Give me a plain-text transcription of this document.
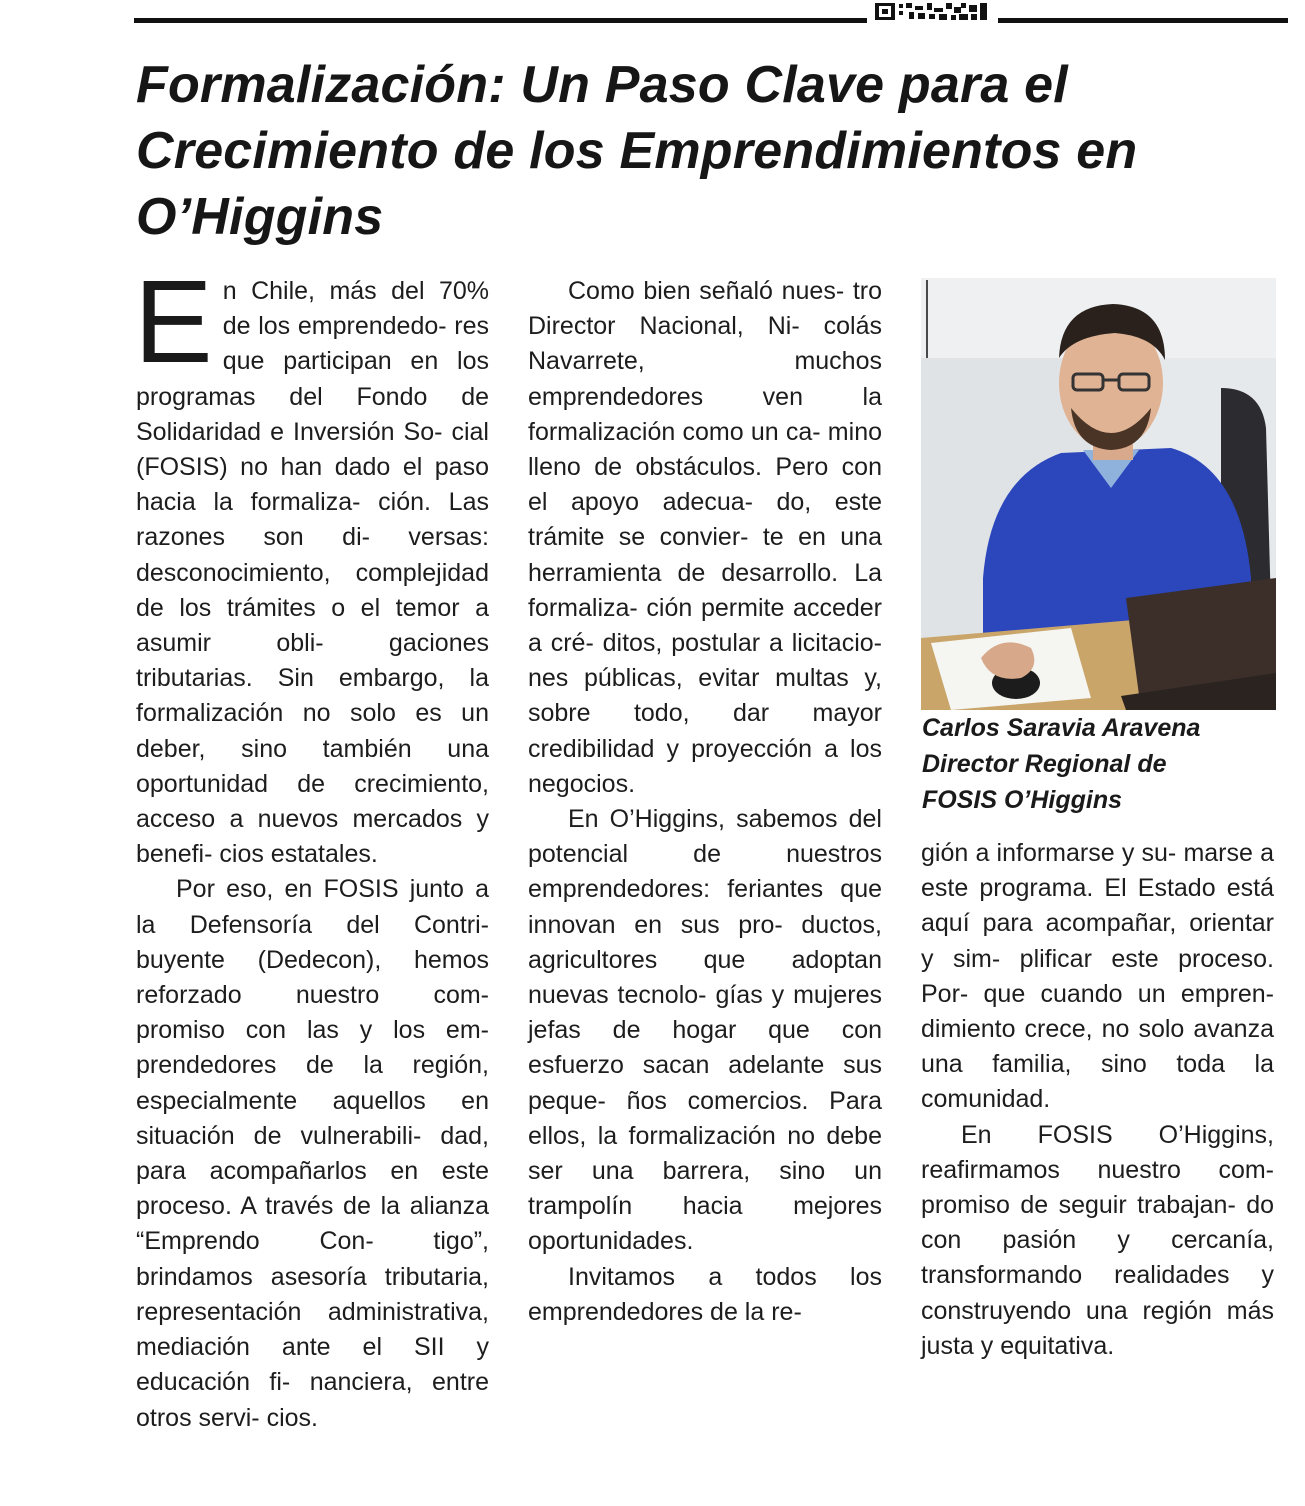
Formalización: Un Paso Clave para el Crecimiento de los Emprendimientos en O’Higgins

En Chile, más del 70% de los emprendedo- res que participan en los programas del Fondo de Solidaridad e Inversión So- cial (FOSIS) no han dado el paso hacia la formaliza- ción. Las razones son di- versas: desconocimiento, complejidad de los trámites o el temor a asumir obli- gaciones tributarias. Sin embargo, la formalización no solo es un deber, sino también una oportunidad de crecimiento, acceso a nuevos mercados y benefi- cios estatales.

Por eso, en FOSIS junto a la Defensoría del Contri- buyente (Dedecon), hemos reforzado nuestro com- promiso con las y los em- prendedores de la región, especialmente aquellos en situación de vulnerabili- dad, para acompañarlos en este proceso. A través de la alianza “Emprendo Con- tigo”, brindamos asesoría tributaria, representación administrativa, mediación ante el SII y educación fi- nanciera, entre otros servi- cios.

Como bien señaló nues- tro Director Nacional, Ni- colás Navarrete, muchos emprendedores ven la formalización como un ca- mino lleno de obstáculos. Pero con el apoyo adecua- do, este trámite se convier- te en una herramienta de desarrollo. La formaliza- ción permite acceder a cré- ditos, postular a licitacio- nes públicas, evitar multas y, sobre todo, dar mayor credibilidad y proyección a los negocios.

En O’Higgins, sabemos del potencial de nuestros emprendedores: feriantes que innovan en sus pro- ductos, agricultores que adoptan nuevas tecnolo- gías y mujeres jefas de hogar que con esfuerzo sacan adelante sus peque- ños comercios. Para ellos, la formalización no debe ser una barrera, sino un trampolín hacia mejores oportunidades.

Invitamos a todos los emprendedores de la re-

Carlos Saravia Aravena
Director Regional de
FOSIS O’Higgins

gión a informarse y su- marse a este programa. El Estado está aquí para acompañar, orientar y sim- plificar este proceso. Por- que cuando un empren- dimiento crece, no solo avanza una familia, sino toda la comunidad.

En FOSIS O’Higgins, reafirmamos nuestro com- promiso de seguir trabajan- do con pasión y cercanía, transformando realidades y construyendo una región más justa y equitativa.
